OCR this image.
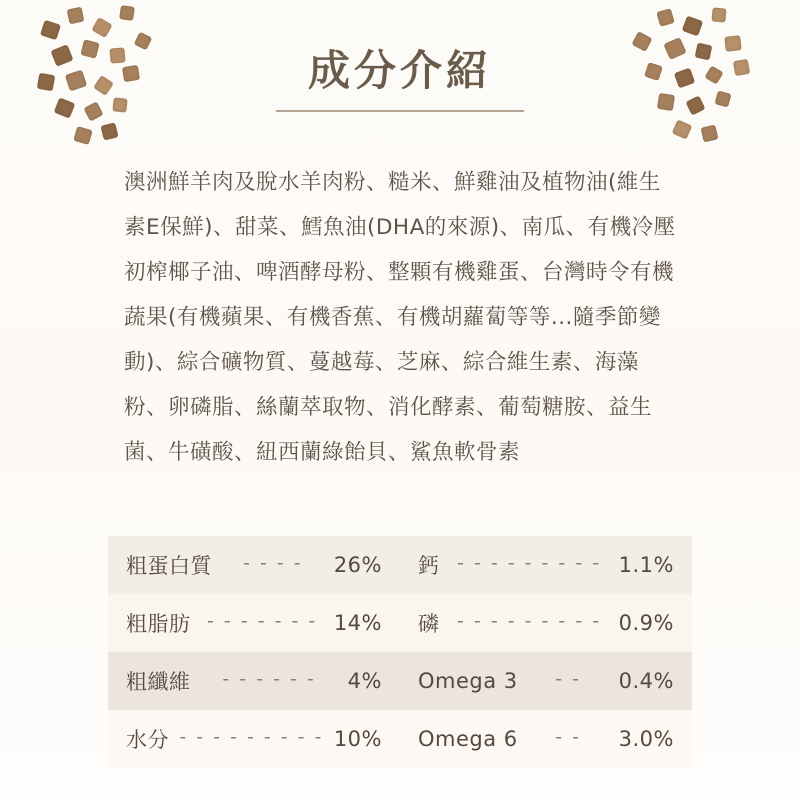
成分介紹
澳洲鮮羊肉及脫水羊肉粉、糙米、鮮雞油及植物油(維生素E保鮮)、甜菜、鱈魚油(DHA的來源)、南瓜、有機冷壓初榨椰子油、啤酒酵母粉、整顆有機雞蛋、台灣時令有機蔬果(有機蘋果、有機香蕉、有機胡蘿蔔等等...隨季節變動)、綜合礦物質、蔓越莓、芝麻、綜合維生素、海藻粉、卵磷脂、絲蘭萃取物、消化酵素、葡萄糖胺、益生菌、牛磺酸、紐西蘭綠飴貝、鯊魚軟骨素
粗蛋白質	- - - -	26% 鈣 - - - - - - - - - 1.1%
粗脂肪 - - - - - - - 14% 磷 - - - - - - - - - 0.9%
粗纖維	- - - - - -	4% Omega 3	- -	0.4%
水分 - - - - - - - - - 10% Omega 6	- -	3.0%
